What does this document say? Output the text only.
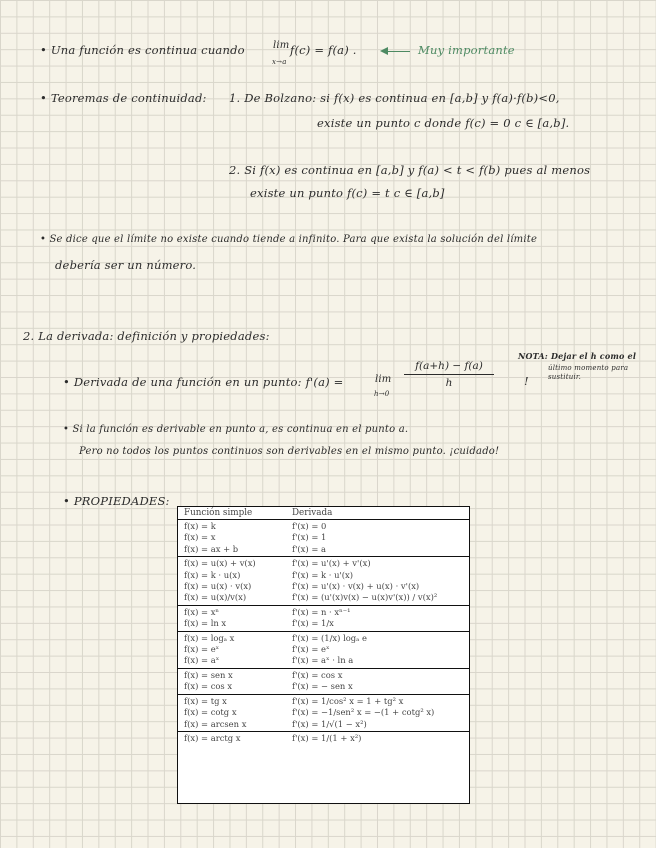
• Una función es continua cuando	lim
x→a
f(c) = f(a) .	Muy importante
• Teoremas de continuidad: 1. De Bolzano: si f(x) es continua en [a,b] y f(a)·f(b)<0,
existe un punto c donde f(c) = 0 c ∈ [a,b].
2. Si f(x) es continua en [a,b] y f(a) < t < f(b) pues al menos
existe un punto f(c) = t c ∈ [a,b]
• Se dice que el límite no existe cuando tiende a infinito. Para que exista la solución del límite
debería ser un número.
2. La derivada: definición y propiedades:
• Derivada de una función en un punto: f'(a) =	lim
h→0
f(a+h) − f(a)
h
NOTA: Dejar el h como el
último momento para
sustituir.
!
• Si la función es derivable en punto a, es continua en el punto a.
Pero no todos los puntos continuos son derivables en el mismo punto. ¡cuidado!
• PROPIEDADES:
Función simple	Derivada
f(x) = k	f'(x) = 0
f(x) = x	f'(x) = 1
f(x) = ax + b	f'(x) = a
f(x) = u(x) + v(x)	f'(x) = u'(x) + v'(x)
f(x) = k · u(x)	f'(x) = k · u'(x)
f(x) = u(x) · v(x)	f'(x) = u'(x) · v(x) + u(x) · v'(x)
f(x) = u(x)/v(x)	f'(x) = (u'(x)v(x) − u(x)v'(x)) / v(x)²
f(x) = xⁿ	f'(x) = n · xⁿ⁻¹
f(x) = ln x	f'(x) = 1/x
f(x) = logₐ x	f'(x) = (1/x) logₐ e
f(x) = eˣ	f'(x) = eˣ
f(x) = aˣ	f'(x) = aˣ · ln a
f(x) = sen x	f'(x) = cos x
f(x) = cos x	f'(x) = − sen x
f(x) = tg x	f'(x) = 1/cos² x = 1 + tg² x
f(x) = cotg x	f'(x) = −1/sen² x = −(1 + cotg² x)
f(x) = arcsen x	f'(x) = 1/√(1 − x²)
f(x) = arctg x	f'(x) = 1/(1 + x²)
